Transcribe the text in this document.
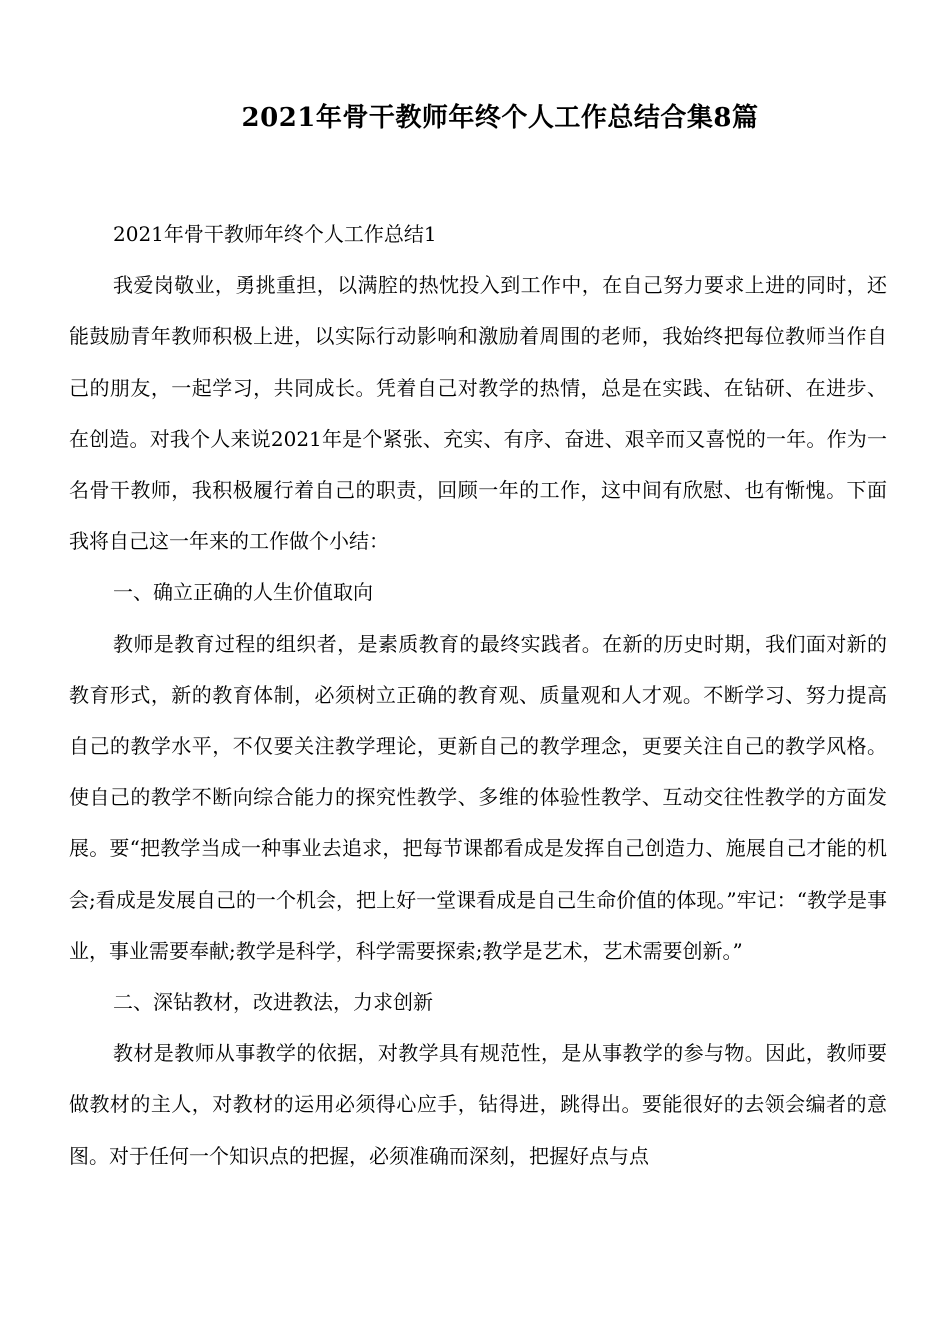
2021年骨干教师年终个人工作总结合集8篇

2021年骨干教师年终个人工作总结1

我爱岗敬业，勇挑重担，以满腔的热忱投入到工作中，在自己努力要求上进的同时，还能鼓励青年教师积极上进，以实际行动影响和激励着周围的老师，我始终把每位教师当作自己的朋友，一起学习，共同成长。凭着自己对教学的热情，总是在实践、在钻研、在进步、在创造。对我个人来说2021年是个紧张、充实、有序、奋进、艰辛而又喜悦的一年。作为一名骨干教师，我积极履行着自己的职责，回顾一年的工作，这中间有欣慰、也有惭愧。下面我将自己这一年来的工作做个小结：

一、确立正确的人生价值取向

教师是教育过程的组织者，是素质教育的最终实践者。在新的历史时期，我们面对新的教育形式，新的教育体制，必须树立正确的教育观、质量观和人才观。不断学习、努力提高自己的教学水平，不仅要关注教学理论，更新自己的教学理念，更要关注自己的教学风格。使自己的教学不断向综合能力的探究性教学、多维的体验性教学、互动交往性教学的方面发展。要“把教学当成一种事业去追求，把每节课都看成是发挥自己创造力、施展自己才能的机会;看成是发展自己的一个机会，把上好一堂课看成是自己生命价值的体现。”牢记：“教学是事业，事业需要奉献;教学是科学，科学需要探索;教学是艺术，艺术需要创新。”

二、深钻教材，改进教法，力求创新

教材是教师从事教学的依据，对教学具有规范性，是从事教学的参与物。因此，教师要做教材的主人，对教材的运用必须得心应手，钻得进，跳得出。要能很好的去领会编者的意图。对于任何一个知识点的把握，必须准确而深刻，把握好点与点
